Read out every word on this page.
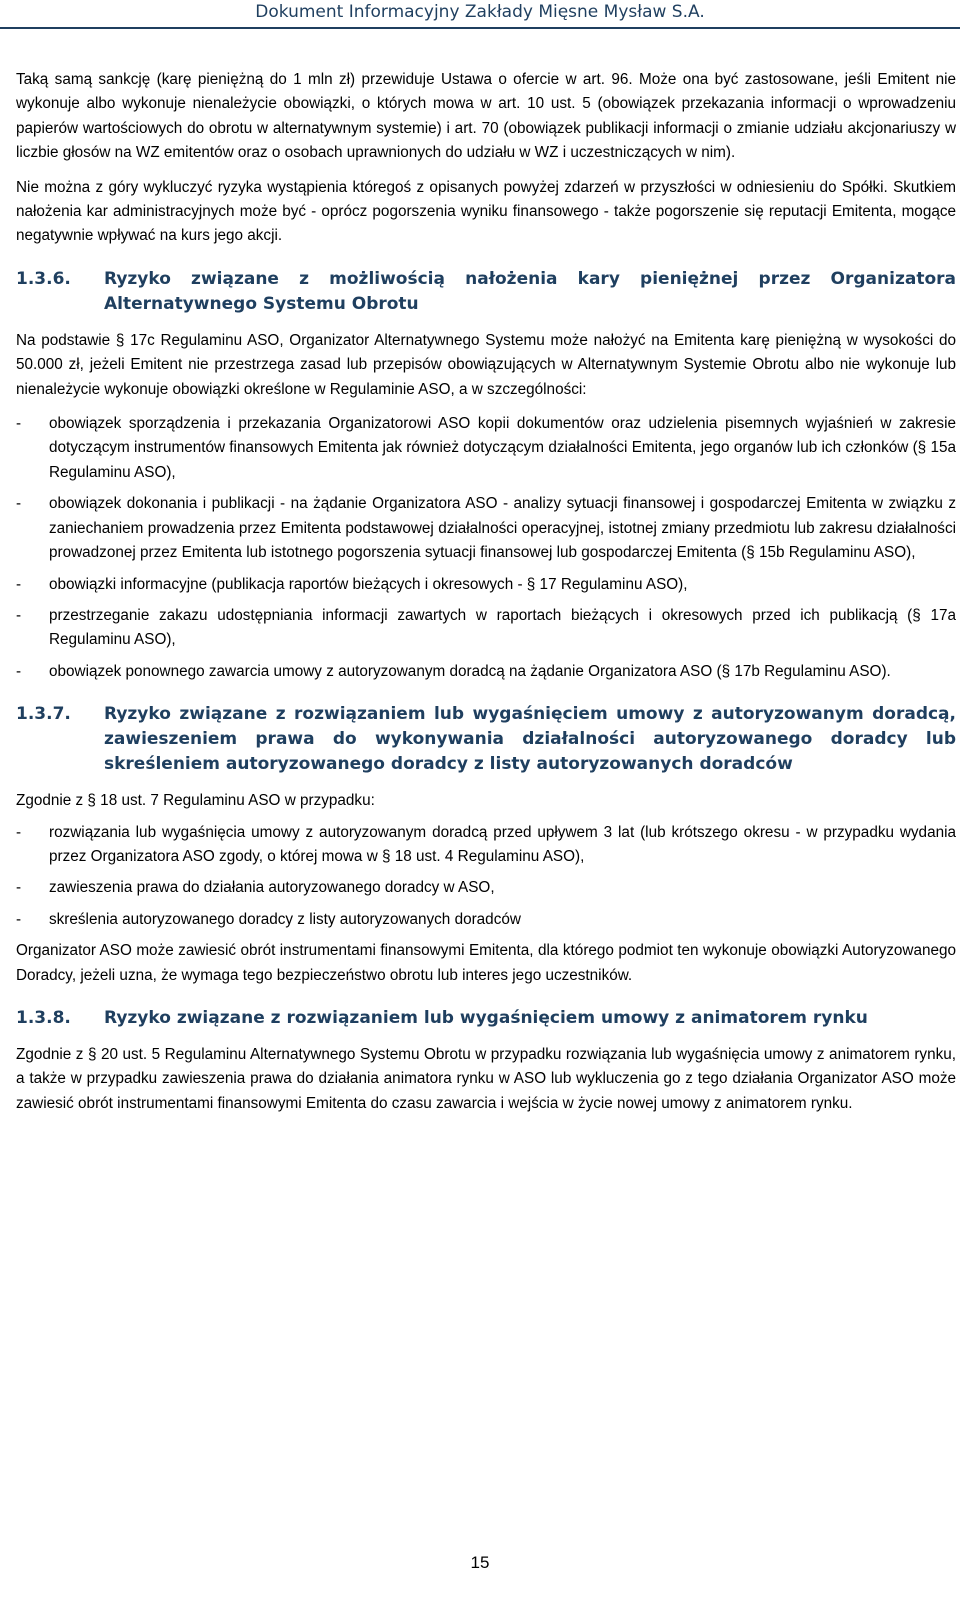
Dokument Informacyjny Zakłady Mięsne Mysław S.A.

Taką samą sankcję (karę pieniężną do 1 mln zł) przewiduje Ustawa o ofercie w art. 96. Może ona być zastosowane, jeśli Emitent nie wykonuje albo wykonuje nienależycie obowiązki, o których mowa w art. 10 ust. 5 (obowiązek przekazania informacji o wprowadzeniu papierów wartościowych do obrotu w alternatywnym systemie) i art. 70 (obowiązek publikacji informacji o zmianie udziału akcjonariuszy w liczbie głosów na WZ emitentów oraz o osobach uprawnionych do udziału w WZ i uczestniczących w nim).

Nie można z góry wykluczyć ryzyka wystąpienia któregoś z opisanych powyżej zdarzeń w przyszłości w odniesieniu do Spółki. Skutkiem nałożenia kar administracyjnych może być - oprócz pogorszenia wyniku finansowego - także pogorszenie się reputacji Emitenta, mogące negatywnie wpływać na kurs jego akcji.

1.3.6.	Ryzyko związane z możliwością nałożenia kary pieniężnej przez Organizatora Alternatywnego Systemu Obrotu

Na podstawie § 17c Regulaminu ASO, Organizator Alternatywnego Systemu może nałożyć na Emitenta karę pieniężną w wysokości do 50.000 zł, jeżeli Emitent nie przestrzega zasad lub przepisów obowiązujących w Alternatywnym Systemie Obrotu albo nie wykonuje lub nienależycie wykonuje obowiązki określone w Regulaminie ASO, a w szczególności:

-	obowiązek sporządzenia i przekazania Organizatorowi ASO kopii dokumentów oraz udzielenia pisemnych wyjaśnień w zakresie dotyczącym instrumentów finansowych Emitenta jak również dotyczącym działalności Emitenta, jego organów lub ich członków (§ 15a Regulaminu ASO),
-	obowiązek dokonania i publikacji - na żądanie Organizatora ASO - analizy sytuacji finansowej i gospodarczej Emitenta w związku z zaniechaniem prowadzenia przez Emitenta podstawowej działalności operacyjnej, istotnej zmiany przedmiotu lub zakresu działalności prowadzonej przez Emitenta lub istotnego pogorszenia sytuacji finansowej lub gospodarczej Emitenta (§ 15b Regulaminu ASO),
-	obowiązki informacyjne (publikacja raportów bieżących i okresowych - § 17 Regulaminu ASO),
-	przestrzeganie zakazu udostępniania informacji zawartych w raportach bieżących i okresowych przed ich publikacją (§ 17a Regulaminu ASO),
-	obowiązek ponownego zawarcia umowy z autoryzowanym doradcą na żądanie Organizatora ASO (§ 17b Regulaminu ASO).
1.3.7.	Ryzyko związane z rozwiązaniem lub wygaśnięciem umowy z autoryzowanym doradcą, zawieszeniem prawa do wykonywania działalności autoryzowanego doradcy lub skreśleniem autoryzowanego doradcy z listy autoryzowanych doradców

Zgodnie z § 18 ust. 7 Regulaminu ASO w przypadku:

-	rozwiązania lub wygaśnięcia umowy z autoryzowanym doradcą przed upływem 3 lat (lub krótszego okresu - w przypadku wydania przez Organizatora ASO zgody, o której mowa w § 18 ust. 4 Regulaminu ASO),
-	zawieszenia prawa do działania autoryzowanego doradcy w ASO,
-	skreślenia autoryzowanego doradcy z listy autoryzowanych doradców

Organizator ASO może zawiesić obrót instrumentami finansowymi Emitenta, dla którego podmiot ten wykonuje obowiązki Autoryzowanego Doradcy, jeżeli uzna, że wymaga tego bezpieczeństwo obrotu lub interes jego uczestników.

1.3.8.	Ryzyko związane z rozwiązaniem lub wygaśnięciem umowy z animatorem rynku

Zgodnie z § 20 ust. 5 Regulaminu Alternatywnego Systemu Obrotu w przypadku rozwiązania lub wygaśnięcia umowy z animatorem rynku, a także w przypadku zawieszenia prawa do działania animatora rynku w ASO lub wykluczenia go z tego działania Organizator ASO może zawiesić obrót instrumentami finansowymi Emitenta do czasu zawarcia i wejścia w życie nowej umowy z animatorem rynku.

15
